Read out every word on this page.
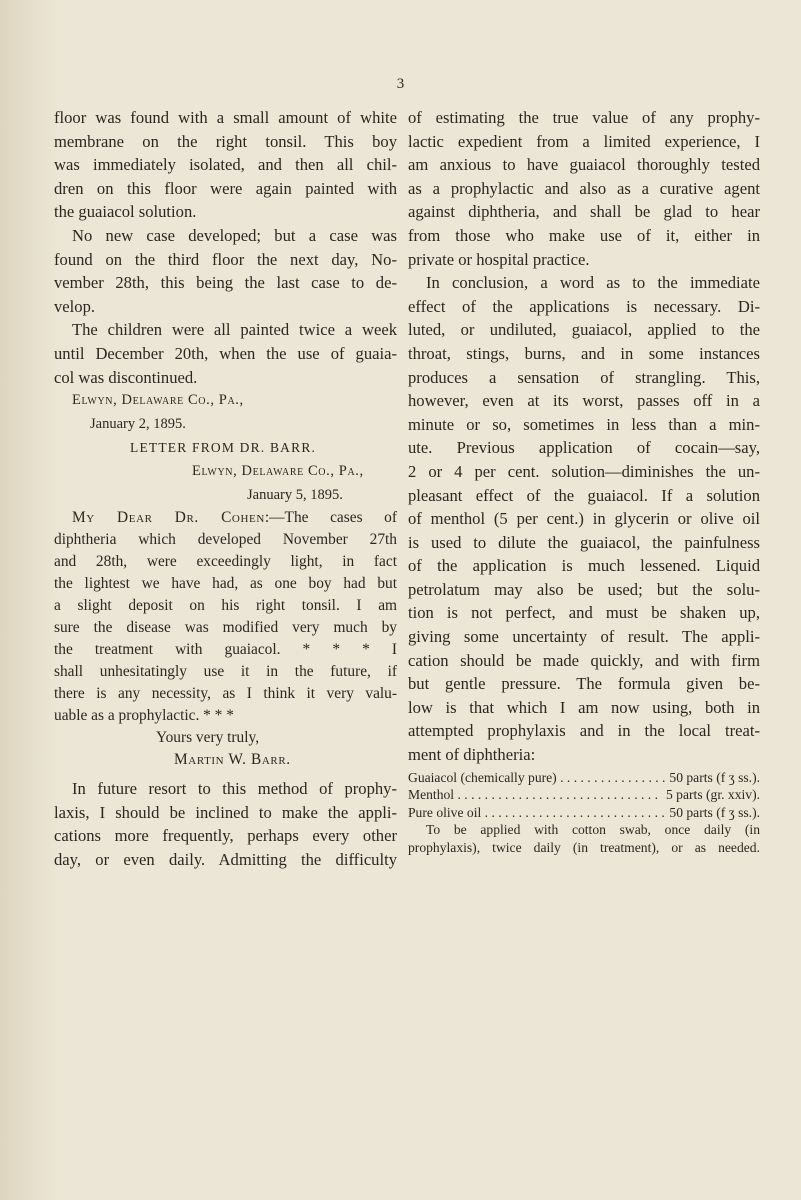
3
floor was found with a small amount of white
membrane on the right tonsil. This boy
was immediately isolated, and then all chil-
dren on this floor were again painted with
the guaiacol solution.
No new case developed; but a case was
found on the third floor the next day, No-
vember 28th, this being the last case to de-
velop.
The children were all painted twice a week
until December 20th, when the use of guaia-
col was discontinued.
Elwyn, Delaware Co., Pa.,
January 2, 1895.
LETTER FROM DR. BARR.
Elwyn, Delaware Co., Pa.,
January 5, 1895.
My Dear Dr. Cohen:—The cases of
diphtheria which developed November 27th
and 28th, were exceedingly light, in fact
the lightest we have had, as one boy had but
a slight deposit on his right tonsil. I am
sure the disease was modified very much by
the treatment with guaiacol. * * * I
shall unhesitatingly use it in the future, if
there is any necessity, as I think it very valu-
uable as a prophylactic. * * *
Yours very truly,
Martin W. Barr.
In future resort to this method of prophy-
laxis, I should be inclined to make the appli-
cations more frequently, perhaps every other
day, or even daily. Admitting the difficulty
of estimating the true value of any prophy-
lactic expedient from a limited experience, I
am anxious to have guaiacol thoroughly tested
as a prophylactic and also as a curative agent
against diphtheria, and shall be glad to hear
from those who make use of it, either in
private or hospital practice.
In conclusion, a word as to the immediate
effect of the applications is necessary. Di-
luted, or undiluted, guaiacol, applied to the
throat, stings, burns, and in some instances
produces a sensation of strangling. This,
however, even at its worst, passes off in a
minute or so, sometimes in less than a min-
ute. Previous application of cocain—say,
2 or 4 per cent. solution—diminishes the un-
pleasant effect of the guaiacol. If a solution
of menthol (5 per cent.) in glycerin or olive oil
is used to dilute the guaiacol, the painfulness
of the application is much lessened. Liquid
petrolatum may also be used; but the solu-
tion is not perfect, and must be shaken up,
giving some uncertainty of result. The appli-
cation should be made quickly, and with firm
but gentle pressure. The formula given be-
low is that which I am now using, both in
attempted prophylaxis and in the local treat-
ment of diphtheria:
Guaiacol (chemically pure) . . .	50 parts (f ʒ ss.).
Menthol . . .	5 parts (gr. xxiv).
Pure olive oil . . .	50 parts (f ʒ ss.).
To be applied with cotton swab, once daily (in
prophylaxis), twice daily (in treatment), or as needed.
